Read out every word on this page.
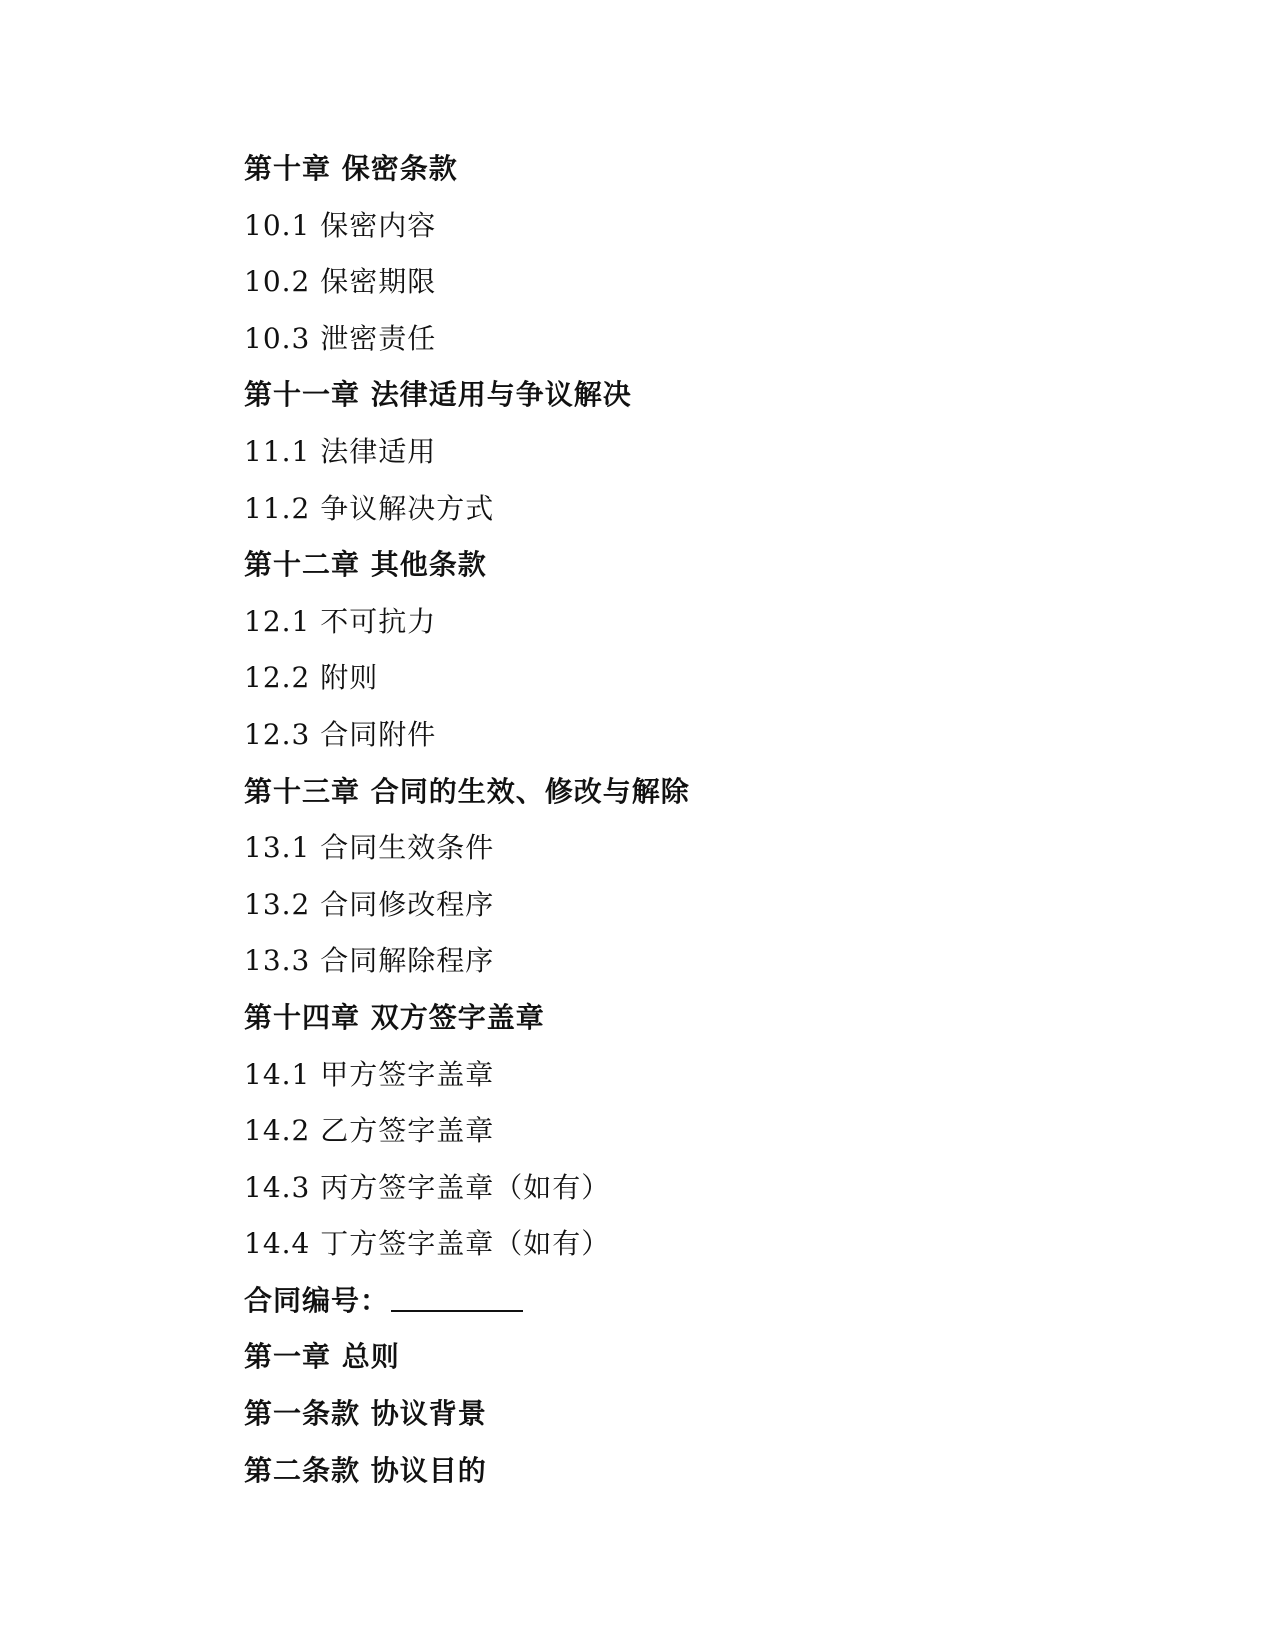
第十章 保密条款
10.1 保密内容
10.2 保密期限
10.3 泄密责任
第十一章 法律适用与争议解决
11.1 法律适用
11.2 争议解决方式
第十二章 其他条款
12.1 不可抗力
12.2 附则
12.3 合同附件
第十三章 合同的生效、修改与解除
13.1 合同生效条件
13.2 合同修改程序
13.3 合同解除程序
第十四章 双方签字盖章
14.1 甲方签字盖章
14.2 乙方签字盖章
14.3 丙方签字盖章（如有）
14.4 丁方签字盖章（如有）
合同编号：
第一章 总则
第一条款 协议背景
第二条款 协议目的
